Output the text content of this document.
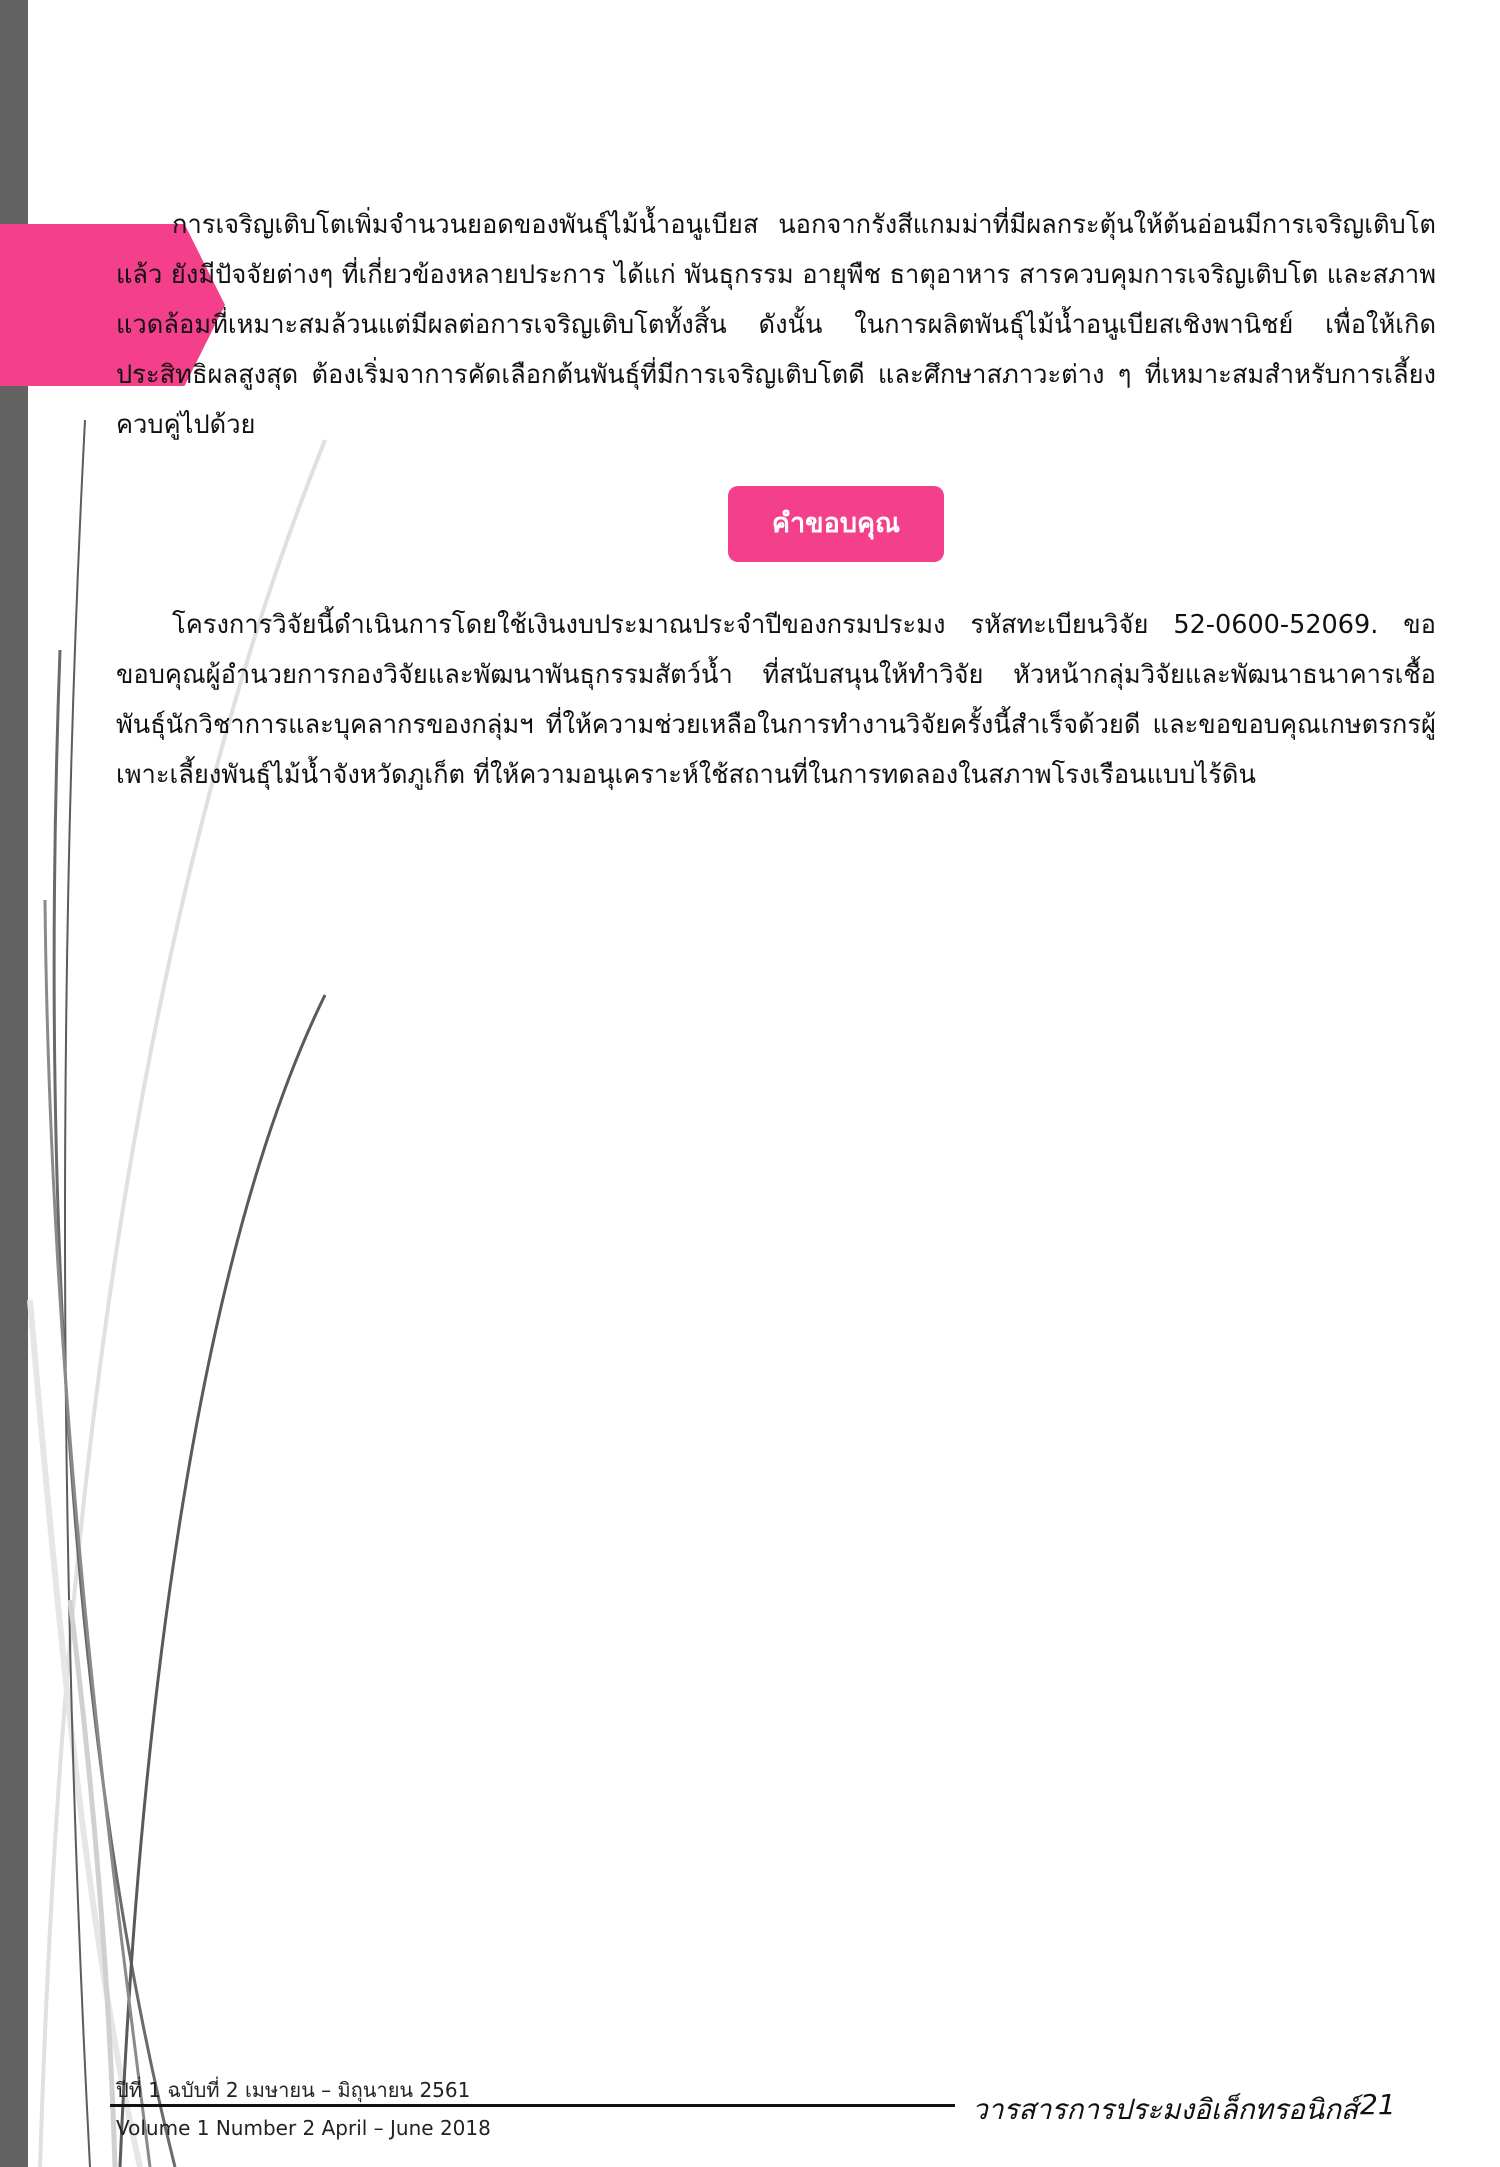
การเจริญเติบโตเพิ่มจำนวนยอดของพันธุ์ไม้น้ำอนูเบียส นอกจากรังสีแกมม่าที่มีผลกระตุ้นให้ต้นอ่อนมีการเจริญเติบโตแล้ว ยังมีปัจจัยต่างๆ ที่เกี่ยวข้องหลายประการ ได้แก่ พันธุกรรม อายุพืช ธาตุอาหาร สารควบคุมการเจริญเติบโต และสภาพแวดล้อมที่เหมาะสมล้วนแต่มีผลต่อการเจริญเติบโตทั้งสิ้น ดังนั้น ในการผลิตพันธุ์ไม้น้ำอนูเบียสเชิงพานิชย์ เพื่อให้เกิดประสิทธิผลสูงสุด ต้องเริ่มจาการคัดเลือกต้นพันธุ์ที่มีการเจริญเติบโตดี และศึกษาสภาวะต่าง ๆ ที่เหมาะสมสำหรับการเลี้ยงควบคู่ไปด้วย

คำขอบคุณ

โครงการวิจัยนี้ดำเนินการโดยใช้เงินงบประมาณประจำปีของกรมประมง รหัสทะเบียนวิจัย 52-0600-52069. ขอขอบคุณผู้อำนวยการกองวิจัยและพัฒนาพันธุกรรมสัตว์น้ำ ที่สนับสนุนให้ทำวิจัย หัวหน้ากลุ่มวิจัยและพัฒนาธนาคารเชื้อพันธุ์นักวิชาการและบุคลากรของกลุ่มฯ ที่ให้ความช่วยเหลือในการทำงานวิจัยครั้งนี้สำเร็จด้วยดี และขอขอบคุณเกษตรกรผู้เพาะเลี้ยงพันธุ์ไม้น้ำจังหวัดภูเก็ต ที่ให้ความอนุเคราะห์ใช้สถานที่ในการทดลองในสภาพโรงเรือนแบบไร้ดิน

ปีที่ 1 ฉบับที่ 2 เมษายน – มิถุนายน 2561
Volume 1 Number 2 April – June 2018
วารสารการประมงอิเล็กทรอนิกส์ 21
